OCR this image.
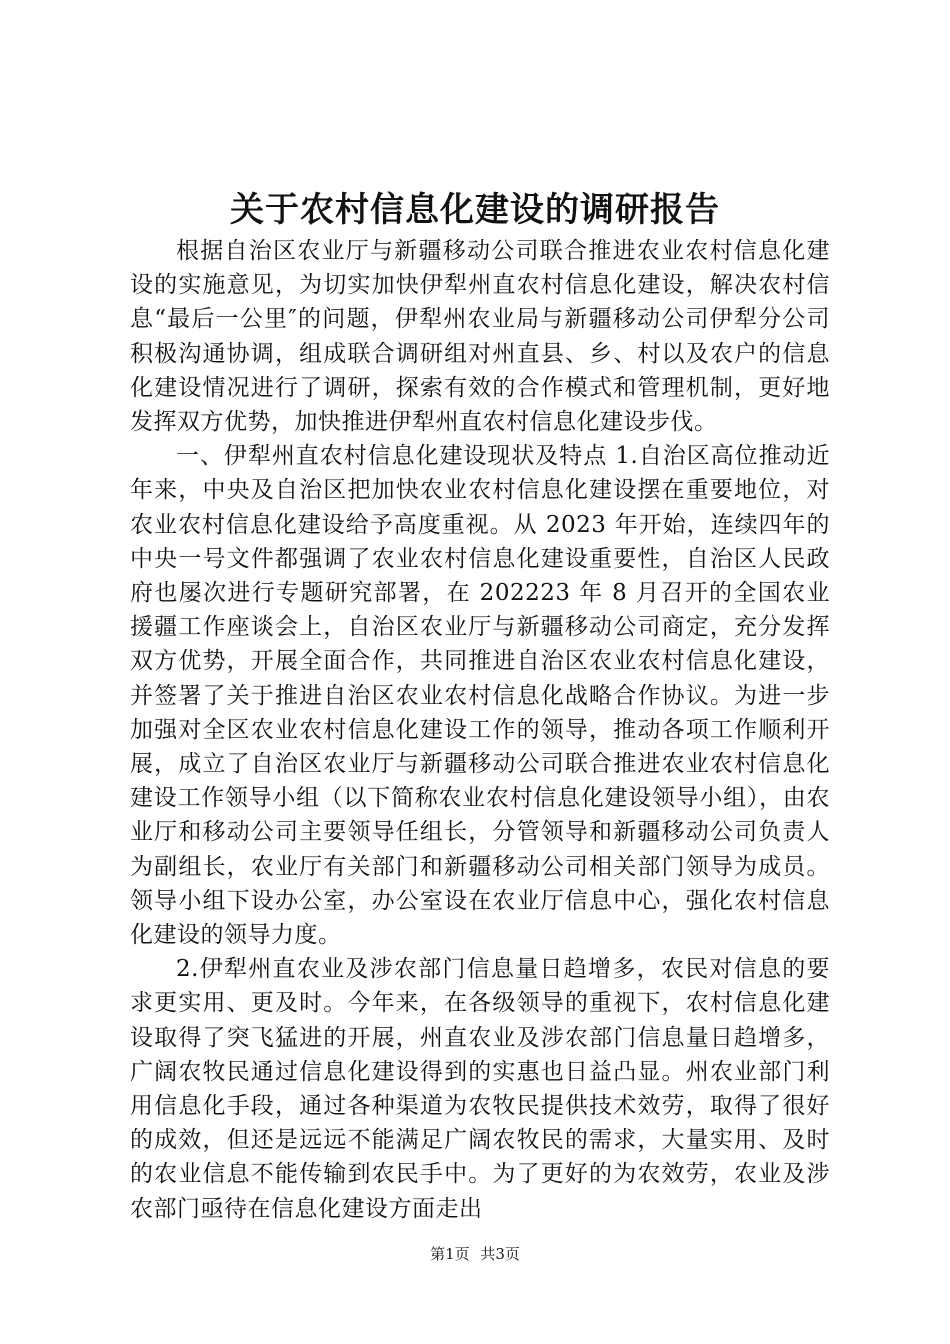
关于农村信息化建设的调研报告

根据自治区农业厅与新疆移动公司联合推进农业农村信息化建设的实施意见，为切实加快伊犁州直农村信息化建设，解决农村信息“最后一公里″的问题，伊犁州农业局与新疆移动公司伊犁分公司积极沟通协调，组成联合调研组对州直县、乡、村以及农户的信息化建设情况进行了调研，探索有效的合作模式和管理机制，更好地发挥双方优势，加快推进伊犁州直农村信息化建设步伐。

一、伊犁州直农村信息化建设现状及特点 1.自治区高位推动近年来，中央及自治区把加快农业农村信息化建设摆在重要地位，对农业农村信息化建设给予高度重视。从 2023 年开始，连续四年的中央一号文件都强调了农业农村信息化建设重要性，自治区人民政府也屡次进行专题研究部署，在 202223 年 8 月召开的全国农业援疆工作座谈会上，自治区农业厅与新疆移动公司商定，充分发挥双方优势，开展全面合作，共同推进自治区农业农村信息化建设，并签署了关于推进自治区农业农村信息化战略合作协议。为进一步加强对全区农业农村信息化建设工作的领导，推动各项工作顺利开展，成立了自治区农业厅与新疆移动公司联合推进农业农村信息化建设工作领导小组（以下简称农业农村信息化建设领导小组），由农业厅和移动公司主要领导任组长，分管领导和新疆移动公司负责人为副组长，农业厅有关部门和新疆移动公司相关部门领导为成员。领导小组下设办公室，办公室设在农业厅信息中心，强化农村信息化建设的领导力度。

2.伊犁州直农业及涉农部门信息量日趋增多，农民对信息的要求更实用、更及时。今年来，在各级领导的重视下，农村信息化建设取得了突飞猛进的开展，州直农业及涉农部门信息量日趋增多，广阔农牧民通过信息化建设得到的实惠也日益凸显。州农业部门利用信息化手段，通过各种渠道为农牧民提供技术效劳，取得了很好的成效，但还是远远不能满足广阔农牧民的需求，大量实用、及时的农业信息不能传输到农民手中。为了更好的为农效劳，农业及涉农部门亟待在信息化建设方面走出

第1页 共3页
